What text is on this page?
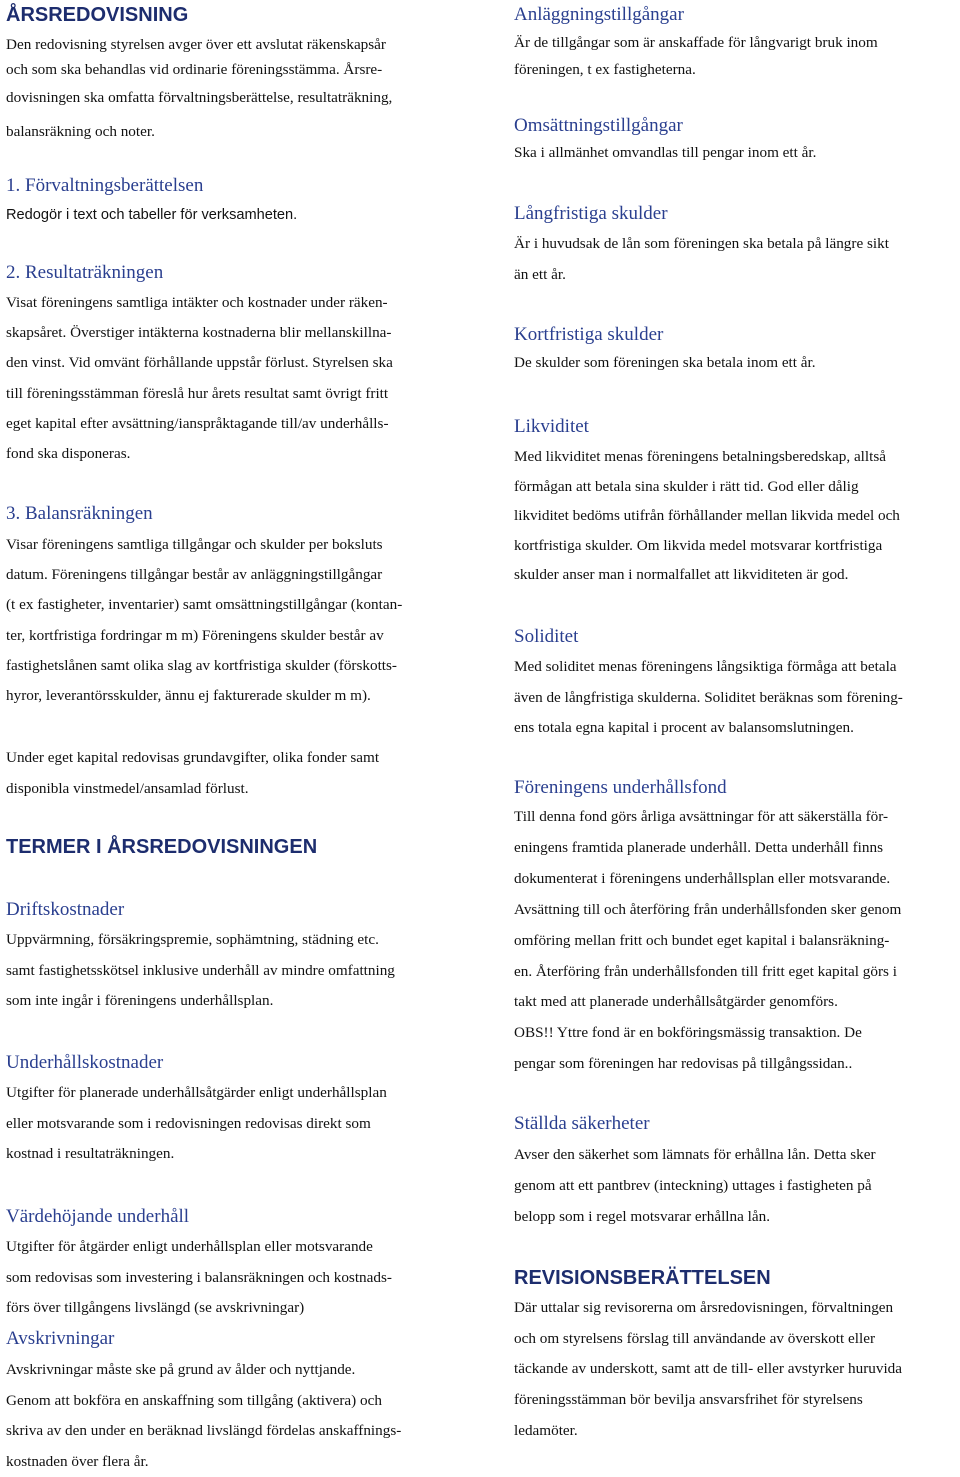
ÅRSREDOVISNING
Den redovisning styrelsen avger över ett avslutat räkenskapsår
och som ska behandlas vid ordinarie föreningsstämma. Årsre-
dovisningen ska omfatta förvaltningsberättelse, resultaträkning,
balansräkning och noter.
1. Förvaltningsberättelsen
Redogör i text och tabeller för verksamheten.
2. Resultaträkningen
Visat föreningens samtliga intäkter och kostnader under räken-
skapsåret. Överstiger intäkterna kostnaderna blir mellanskillna-
den vinst. Vid omvänt förhållande uppstår förlust. Styrelsen ska
till föreningsstämman föreslå hur årets resultat samt övrigt fritt
eget kapital efter avsättning/ianspråktagande till/av underhålls-
fond ska disponeras.
3. Balansräkningen
Visar föreningens samtliga tillgångar och skulder per boksluts
datum. Föreningens tillgångar består av anläggningstillgångar
(t ex fastigheter, inventarier) samt omsättningstillgångar (kontan-
ter, kortfristiga fordringar m m) Föreningens skulder består av
fastighetslånen samt olika slag av kortfristiga skulder (förskotts-
hyror, leverantörsskulder, ännu ej fakturerade skulder m m).
Under eget kapital redovisas grundavgifter, olika fonder samt
disponibla vinstmedel/ansamlad förlust.
TERMER I ÅRSREDOVISNINGEN
Driftskostnader
Uppvärmning, försäkringspremie, sophämtning, städning etc.
samt fastighetsskötsel inklusive underhåll av mindre omfattning
som inte ingår i föreningens underhållsplan.
Underhållskostnader
Utgifter för planerade underhållsåtgärder enligt underhållsplan
eller motsvarande som i redovisningen redovisas direkt som
kostnad i resultaträkningen.
Värdehöjande underhåll
Utgifter för åtgärder enligt underhållsplan eller motsvarande
som redovisas som investering i balansräkningen och kostnads-
förs över tillgångens livslängd (se avskrivningar)
Avskrivningar
Avskrivningar måste ske på grund av ålder och nyttjande.
Genom att bokföra en anskaffning som tillgång (aktivera) och
skriva av den under en beräknad livslängd fördelas anskaffnings-
kostnaden över flera år.
Anläggningstillgångar
Är de tillgångar som är anskaffade för långvarigt bruk inom
föreningen, t ex fastigheterna.
Omsättningstillgångar
Ska i allmänhet omvandlas till pengar inom ett år.
Långfristiga skulder
Är i huvudsak de lån som föreningen ska betala på längre sikt
än ett år.
Kortfristiga skulder
De skulder som föreningen ska betala inom ett år.
Likviditet
Med likviditet menas föreningens betalningsberedskap, alltså
förmågan att betala sina skulder i rätt tid. God eller dålig
likviditet bedöms utifrån förhållander mellan likvida medel och
kortfristiga skulder. Om likvida medel motsvarar kortfristiga
skulder anser man i normalfallet att likviditeten är god.
Soliditet
Med soliditet menas föreningens långsiktiga förmåga att betala
även de långfristiga skulderna. Soliditet beräknas som förening-
ens totala egna kapital i procent av balansomslutningen.
Föreningens underhållsfond
Till denna fond görs årliga avsättningar för att säkerställa för-
eningens framtida planerade underhåll. Detta underhåll finns
dokumenterat i föreningens underhållsplan eller motsvarande.
Avsättning till och återföring från underhållsfonden sker genom
omföring mellan fritt och bundet eget kapital i balansräkning-
en. Återföring från underhållsfonden till fritt eget kapital görs i
takt med att planerade underhållsåtgärder genomförs.
OBS!! Yttre fond är en bokföringsmässig transaktion. De
pengar som föreningen har redovisas på tillgångssidan..
Ställda säkerheter
Avser den säkerhet som lämnats för erhållna lån. Detta sker
genom att ett pantbrev (inteckning) uttages i fastigheten på
belopp som i regel motsvarar erhållna lån.
REVISIONSBERÄTTELSEN
Där uttalar sig revisorerna om årsredovisningen, förvaltningen
och om styrelsens förslag till användande av överskott eller
täckande av underskott, samt att de till- eller avstyrker huruvida
föreningsstämman bör bevilja ansvarsfrihet för styrelsens
ledamöter.
